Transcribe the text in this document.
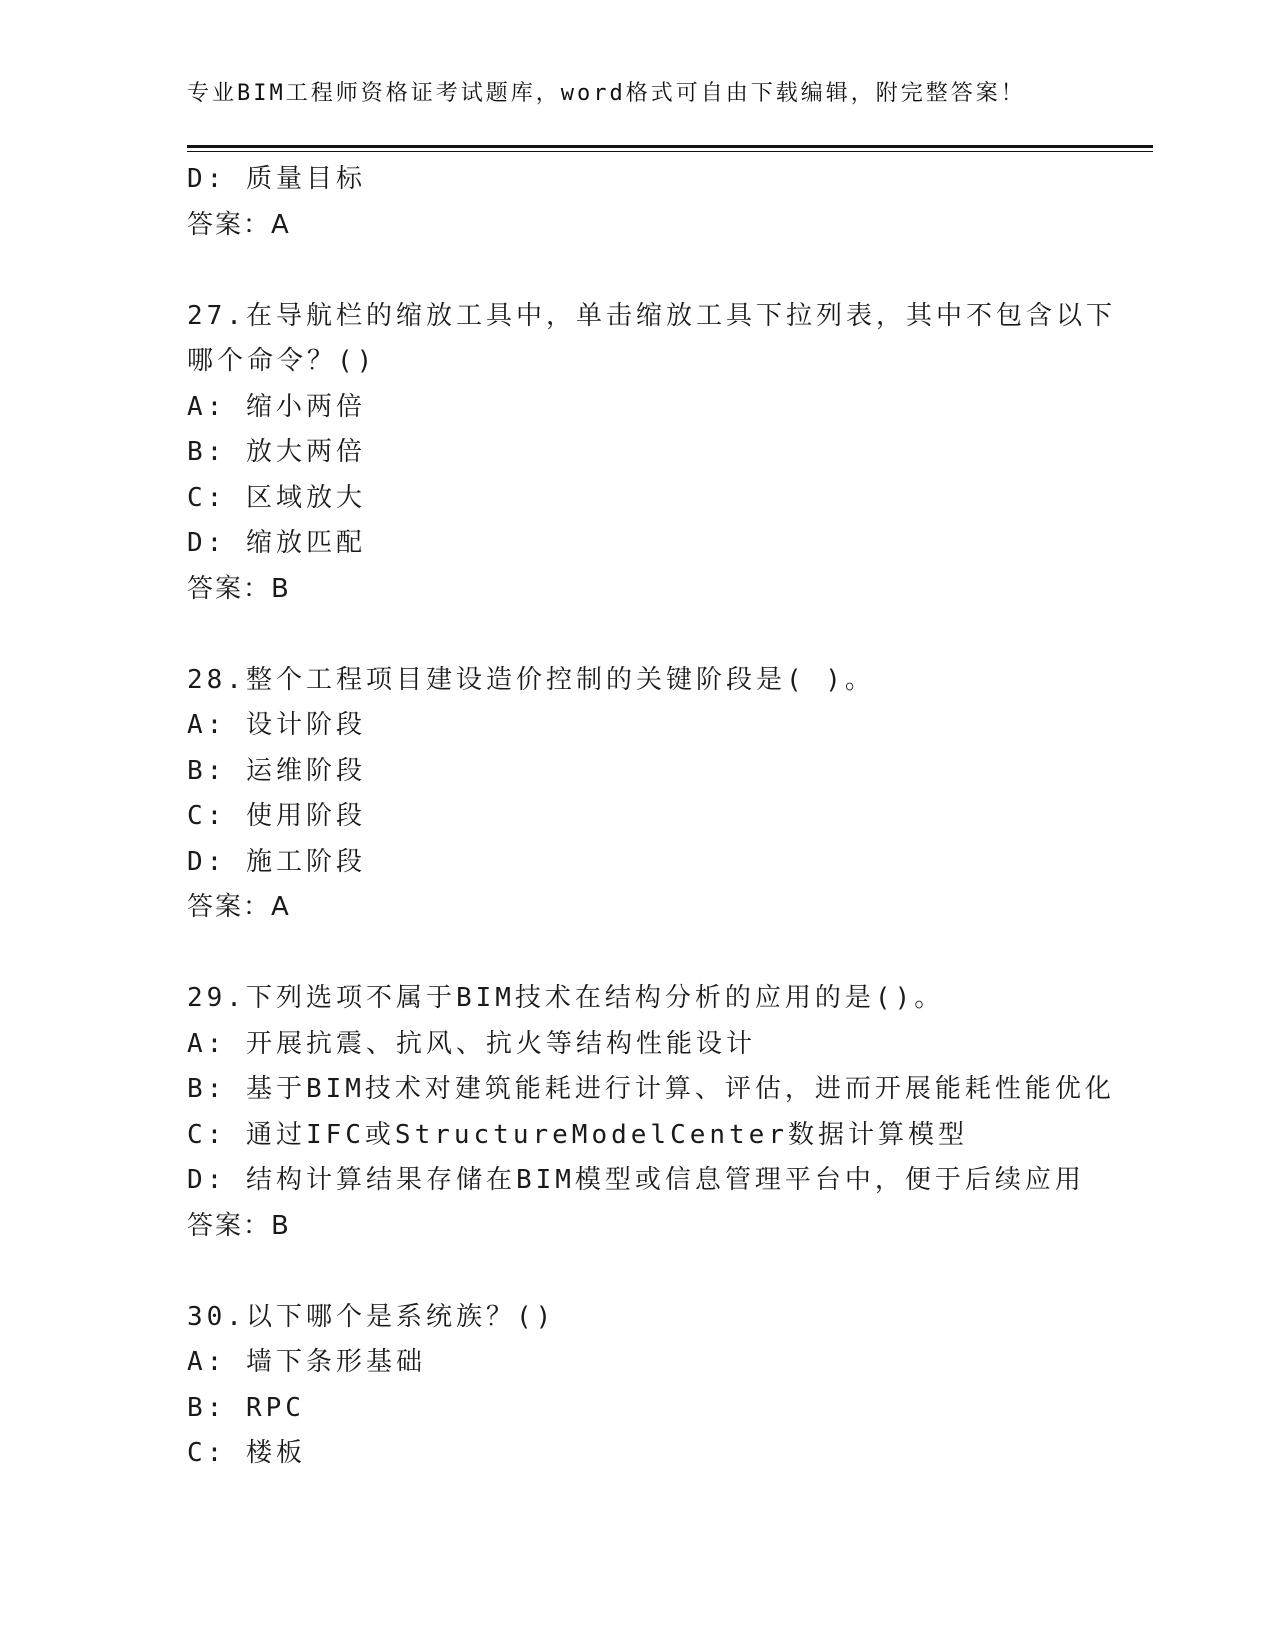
专业BIM工程师资格证考试题库，word格式可自由下载编辑，附完整答案！
D: 质量目标
答案：A
27.在导航栏的缩放工具中，单击缩放工具下拉列表，其中不包含以下
哪个命令？()
A: 缩小两倍
B: 放大两倍
C: 区域放大
D: 缩放匹配
答案：B
28.整个工程项目建设造价控制的关键阶段是( )。
A: 设计阶段
B: 运维阶段
C: 使用阶段
D: 施工阶段
答案：A
29.下列选项不属于BIM技术在结构分析的应用的是()。
A: 开展抗震、抗风、抗火等结构性能设计
B: 基于BIM技术对建筑能耗进行计算、评估，进而开展能耗性能优化
C: 通过IFC或StructureModelCenter数据计算模型
D: 结构计算结果存储在BIM模型或信息管理平台中，便于后续应用
答案：B
30.以下哪个是系统族？()
A: 墙下条形基础
B: RPC
C: 楼板
